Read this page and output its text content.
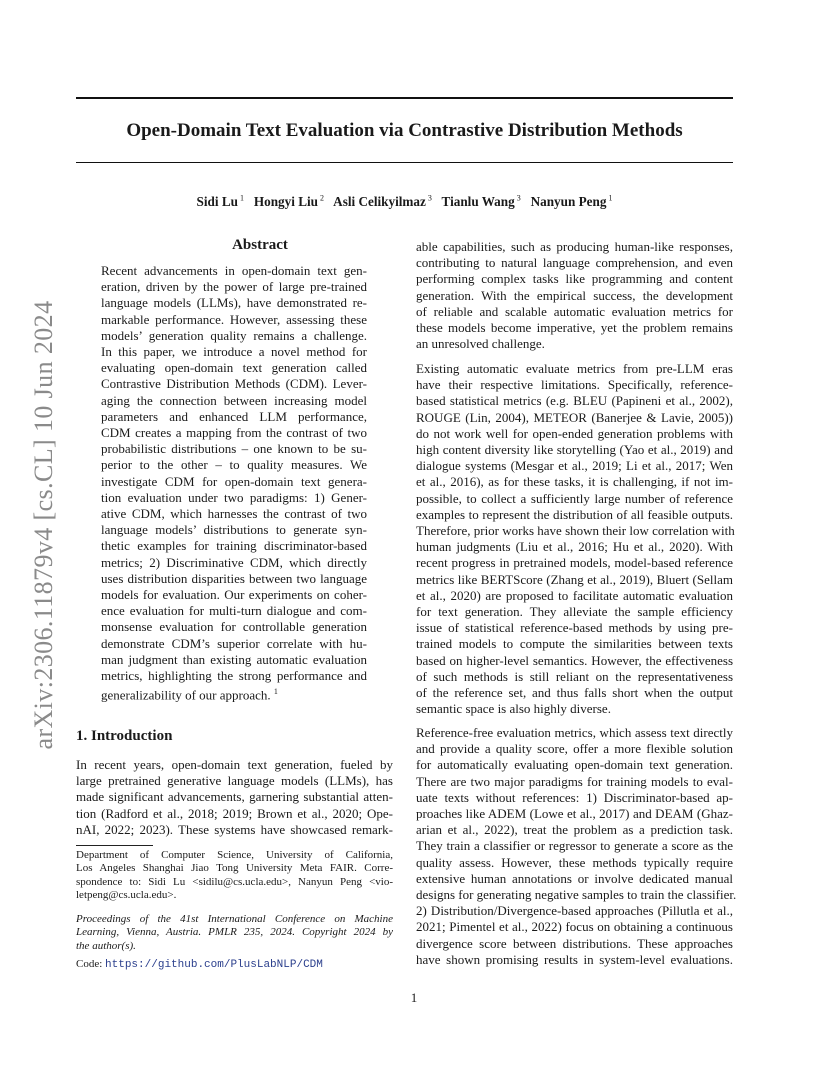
arXiv:2306.11879v4 [cs.CL] 10 Jun 2024
Open-Domain Text Evaluation via Contrastive Distribution Methods
Sidi Lu $^1$ Hongyi Liu $^2$ Asli Celikyilmaz $^3$ Tianlu Wang $^3$ Nanyun Peng $^1$
Abstract
Recent advancements in open-domain text gen-
eration, driven by the power of large pre-trained
language models (LLMs), have demonstrated re-
markable performance. However, assessing these
models’ generation quality remains a challenge.
In this paper, we introduce a novel method for
evaluating open-domain text generation called
Contrastive Distribution Methods (CDM). Lever-
aging the connection between increasing model
parameters and enhanced LLM performance,
CDM creates a mapping from the contrast of two
probabilistic distributions – one known to be su-
perior to the other – to quality measures. We
investigate CDM for open-domain text genera-
tion evaluation under two paradigms: 1) Gener-
ative CDM, which harnesses the contrast of two
language models’ distributions to generate syn-
thetic examples for training discriminator-based
metrics; 2) Discriminative CDM, which directly
uses distribution disparities between two language
models for evaluation. Our experiments on coher-
ence evaluation for multi-turn dialogue and com-
monsense evaluation for controllable generation
demonstrate CDM’s superior correlate with hu-
man judgment than existing automatic evaluation
metrics, highlighting the strong performance and
generalizability of our approach. $^1$
1. Introduction
In recent years, open-domain text generation, fueled by
large pretrained generative language models (LLMs), has
made significant advancements, garnering substantial atten-
tion (Radford et al., 2018; 2019; Brown et al., 2020; Ope-
nAI, 2022; 2023). These systems have showcased remark-
able capabilities, such as producing human-like responses,
contributing to natural language comprehension, and even
performing complex tasks like programming and content
generation. With the empirical success, the development
of reliable and scalable automatic evaluation metrics for
these models become imperative, yet the problem remains
an unresolved challenge.
Existing automatic evaluate metrics from pre-LLM eras
have their respective limitations. Specifically, reference-
based statistical metrics (e.g. BLEU (Papineni et al., 2002),
ROUGE (Lin, 2004), METEOR (Banerjee & Lavie, 2005))
do not work well for open-ended generation problems with
high content diversity like storytelling (Yao et al., 2019) and
dialogue systems (Mesgar et al., 2019; Li et al., 2017; Wen
et al., 2016), as for these tasks, it is challenging, if not im-
possible, to collect a sufficiently large number of reference
examples to represent the distribution of all feasible outputs.
Therefore, prior works have shown their low correlation with
human judgments (Liu et al., 2016; Hu et al., 2020). With
recent progress in pretrained models, model-based reference
metrics like BERTScore (Zhang et al., 2019), Bluert (Sellam
et al., 2020) are proposed to facilitate automatic evaluation
for text generation. They alleviate the sample efficiency
issue of statistical reference-based methods by using pre-
trained models to compute the similarities between texts
based on higher-level semantics. However, the effectiveness
of such methods is still reliant on the representativeness
of the reference set, and thus falls short when the output
semantic space is also highly diverse.
Reference-free evaluation metrics, which assess text directly
and provide a quality score, offer a more flexible solution
for automatically evaluating open-domain text generation.
There are two major paradigms for training models to eval-
uate texts without references: 1) Discriminator-based ap-
proaches like ADEM (Lowe et al., 2017) and DEAM (Ghaz-
arian et al., 2022), treat the problem as a prediction task.
They train a classifier or regressor to generate a score as the
quality assess. However, these methods typically require
extensive human annotations or involve dedicated manual
designs for generating negative samples to train the classifier.
2) Distribution/Divergence-based approaches (Pillutla et al.,
2021; Pimentel et al., 2022) focus on obtaining a continuous
divergence score between distributions. These approaches
have shown promising results in system-level evaluations.
Department of Computer Science, University of California,
Los Angeles Shanghai Jiao Tong University Meta FAIR. Corre-
spondence to: Sidi Lu <sidilu@cs.ucla.edu>, Nanyun Peng <vio-
letpeng@cs.ucla.edu>.
Proceedings of the 41st International Conference on Machine
Learning, Vienna, Austria. PMLR 235, 2024. Copyright 2024 by
the author(s).
Code: https://github.com/PlusLabNLP/CDM
1
